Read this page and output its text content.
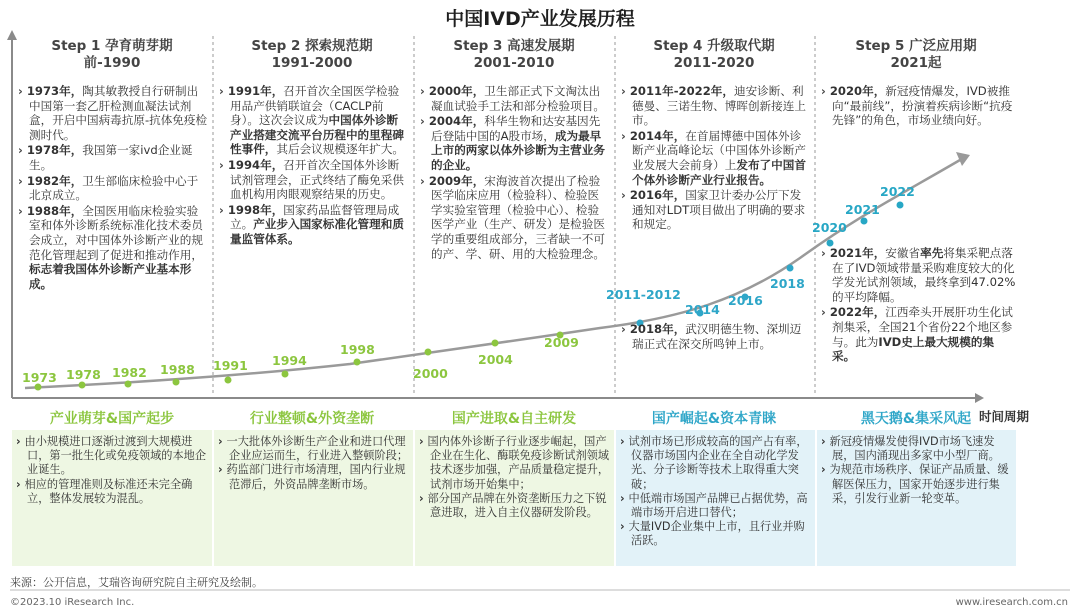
中国IVD产业发展历程
Step 1 孕育萌芽期
前-1990
Step 2 探索规范期
1991-2000
Step 3 高速发展期
2001-2010
Step 4 升级取代期
2011-2020
Step 5 广泛应用期
2021起

› 1973年，陶其敏教授自行研制出中国第一套乙肝检测血凝法试剂盒，开启中国病毒抗原-抗体免疫检测时代。

› 1978年，我国第一家ivd企业诞生。

› 1982年，卫生部临床检验中心于北京成立。

› 1988年，全国医用临床检验实验室和体外诊断系统标准化技术委员会成立，对中国体外诊断产业的规范化管理起到了促进和推动作用，标志着我国体外诊断产业基本形成。

› 1991年，召开首次全国医学检验用品产供销联谊会（CACLP前身）。这次会议成为中国体外诊断产业搭建交流平台历程中的里程碑性事件，其后会议规模逐年扩大。

› 1994年，召开首次全国体外诊断试剂管理会，正式终结了酶免采供血机构用肉眼观察结果的历史。

› 1998年，国家药品监督管理局成立。产业步入国家标准化管理和质量监管体系。

› 2000年，卫生部正式下文淘汰出凝血试验手工法和部分检验项目。

› 2004年，科华生物和达安基因先后登陆中国的A股市场，成为最早上市的两家以体外诊断为主营业务的企业。

› 2009年，宋海波首次提出了检验医学临床应用（检验科）、检验医学实验室管理（检验中心）、检验医学产业（生产、研发）是检验医学的重要组成部分，三者缺一不可的产、学、研、用的大检验理念。

› 2011年-2022年，迪安诊断、利德曼、三诺生物、博晖创新接连上市。

› 2014年，在首届博德中国体外诊断产业高峰论坛（中国体外诊断产业发展大会前身）上发布了中国首个体外诊断产业行业报告。

› 2016年，国家卫计委办公厅下发通知对LDT项目做出了明确的要求和规定。

› 2018年，武汉明德生物、深圳迈瑞正式在深交所鸣钟上市。

› 2020年，新冠疫情爆发，IVD被推向“最前线”，扮演着疾病诊断“抗疫先锋”的角色，市场业绩向好。

› 2021年，安徽省率先将集采靶点落在了IVD领域带量采购难度较大的化学发光试剂领域，最终拿到47.02%的平均降幅。

› 2022年，江西牵头开展肝功生化试剂集采，全国21个省份22个地区参与。此为IVD史上最大规模的集采。

1973 1978 1982 1988 1991 1994
1998
2000
2004
2009
2011-2012
2014
2016
2018
2020
2021
2022
产业萌芽&国产起步	行业整顿&外资垄断	国产进取&自主研发	国产崛起&资本青睐	黑天鹅&集采风起 时间周期

› 由小规模进口逐渐过渡到大规模进口，第一批生化或免疫领域的本地企业诞生。

› 相应的管理准则及标准还未完全确立，整体发展较为混乱。

› 一大批体外诊断生产企业和进口代理企业应运而生，行业进入整顿阶段；

› 药监部门进行市场清理，国内行业规范滞后，外资品牌垄断市场。

› 国内体外诊断子行业逐步崛起，国产企业在生化、酶联免疫诊断试剂领域技术逐步加强，产品质量稳定提升，试剂市场开始集中；

› 部分国产品牌在外资垄断压力之下锐意进取，进入自主仪器研发阶段。

› 试剂市场已形成较高的国产占有率，仪器市场国内企业在全自动化学发光、分子诊断等技术上取得重大突破；

› 中低端市场国产品牌已占据优势，高端市场开启进口替代；

› 大量IVD企业集中上市，且行业并购活跃。

› 新冠疫情爆发使得IVD市场飞速发展，国内涌现出多家中小型厂商。

› 为规范市场秩序、保证产品质量、缓解医保压力，国家开始逐步进行集采，引发行业新一轮变革。

来源：公开信息，艾瑞咨询研究院自主研究及绘制。
©2023.10 iResearch Inc.	www.iresearch.com.cn
